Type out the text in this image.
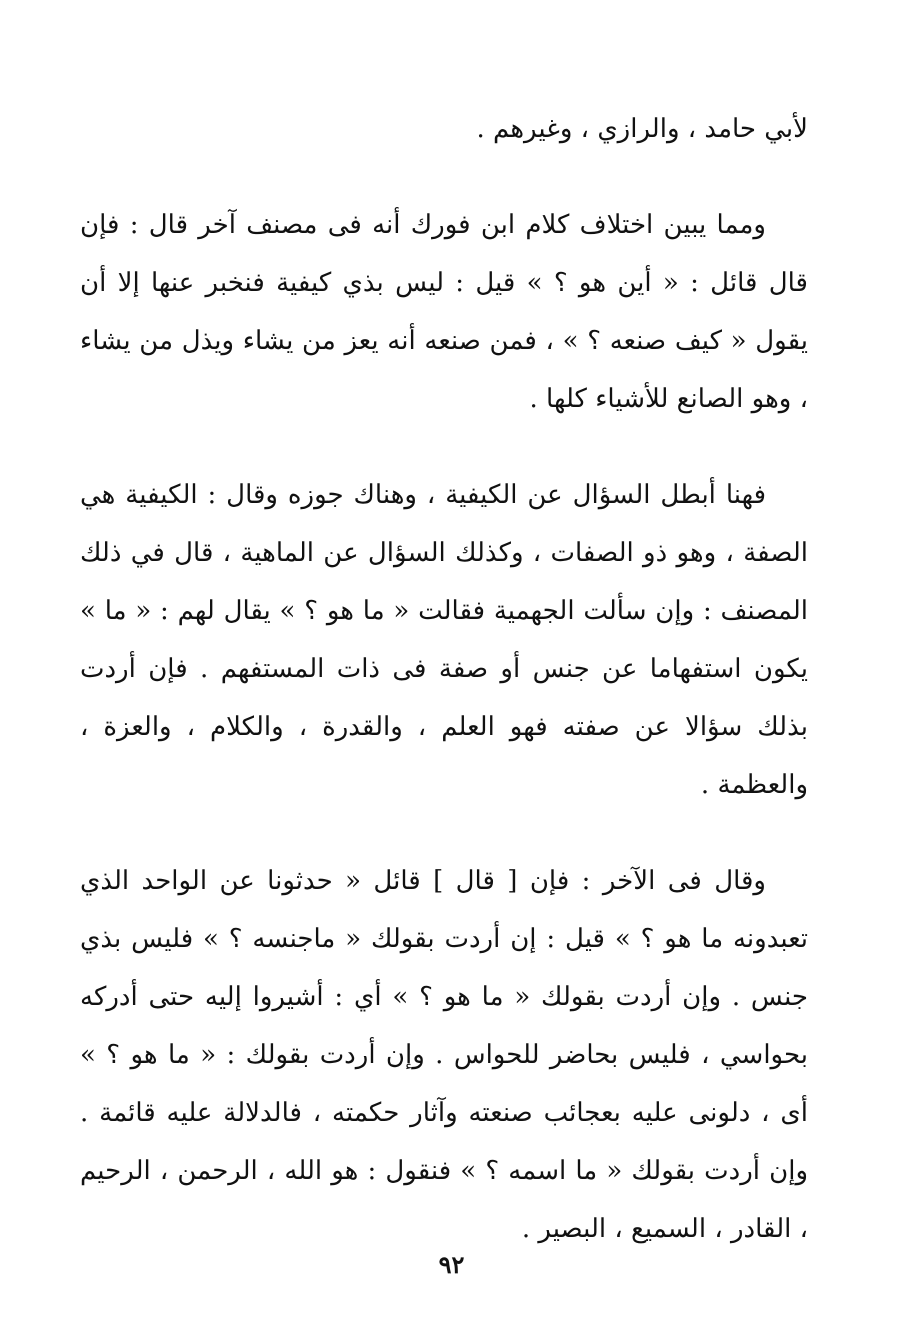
لأبي حامد ، والرازي ، وغيرهم .

ومما يبين اختلاف كلام ابن فورك أنه فى مصنف آخر قال : فإن قال قائل : « أين هو ؟ » قيل : ليس بذي كيفية فنخبر عنها إلا أن يقول « كيف صنعه ؟ » ، فمن صنعه أنه يعز من يشاء ويذل من يشاء ، وهو الصانع للأشياء كلها .

فهنا أبطل السؤال عن الكيفية ، وهناك جوزه وقال : الكيفية هي الصفة ، وهو ذو الصفات ، وكذلك السؤال عن الماهية ، قال في ذلك المصنف : وإن سألت الجهمية فقالت « ما هو ؟ » يقال لهم : « ما » يكون استفهاما عن جنس أو صفة فى ذات المستفهم . فإن أردت بذلك سؤالا عن صفته فهو العلم ، والقدرة ، والكلام ، والعزة ، والعظمة .

وقال فى الآخر : فإن [ قال ] قائل « حدثونا عن الواحد الذي تعبدونه ما هو ؟ » قيل : إن أردت بقولك « ماجنسه ؟ » فليس بذي جنس . وإن أردت بقولك « ما هو ؟ » أي : أشيروا إليه حتى أدركه بحواسي ، فليس بحاضر للحواس . وإن أردت بقولك : « ما هو ؟ » أى ، دلونى عليه بعجائب صنعته وآثار حكمته ، فالدلالة عليه قائمة . وإن أردت بقولك « ما اسمه ؟ » فنقول : هو الله ، الرحمن ، الرحيم ، القادر ، السميع ، البصير .

٩٢
